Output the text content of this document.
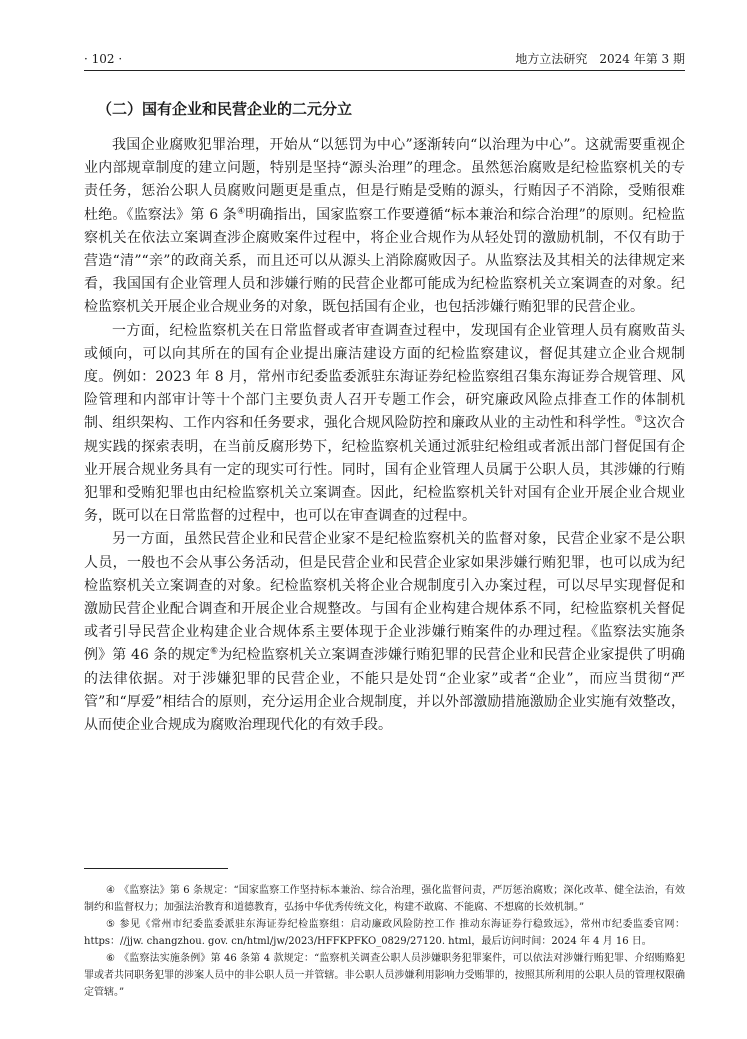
· 102 ·	地方立法研究　2024 年第 3 期
（二）国有企业和民营企业的二元分立

我国企业腐败犯罪治理，开始从“以惩罚为中心”逐渐转向“以治理为中心”。这就需要重视企业内部规章制度的建立问题，特别是坚持“源头治理”的理念。虽然惩治腐败是纪检监察机关的专责任务，惩治公职人员腐败问题更是重点，但是行贿是受贿的源头，行贿因子不消除，受贿很难杜绝。《监察法》第 6 条④明确指出，国家监察工作要遵循“标本兼治和综合治理”的原则。纪检监察机关在依法立案调查涉企腐败案件过程中，将企业合规作为从轻处罚的激励机制，不仅有助于营造“清”“亲”的政商关系，而且还可以从源头上消除腐败因子。从监察法及其相关的法律规定来看，我国国有企业管理人员和涉嫌行贿的民营企业都可能成为纪检监察机关立案调查的对象。纪检监察机关开展企业合规业务的对象，既包括国有企业，也包括涉嫌行贿犯罪的民营企业。

一方面，纪检监察机关在日常监督或者审查调查过程中，发现国有企业管理人员有腐败苗头或倾向，可以向其所在的国有企业提出廉洁建设方面的纪检监察建议，督促其建立企业合规制度。例如：2023 年 8 月，常州市纪委监委派驻东海证券纪检监察组召集东海证券合规管理、风险管理和内部审计等十个部门主要负责人召开专题工作会，研究廉政风险点排查工作的体制机制、组织架构、工作内容和任务要求，强化合规风险防控和廉政从业的主动性和科学性。⑤这次合规实践的探索表明，在当前反腐形势下，纪检监察机关通过派驻纪检组或者派出部门督促国有企业开展合规业务具有一定的现实可行性。同时，国有企业管理人员属于公职人员，其涉嫌的行贿犯罪和受贿犯罪也由纪检监察机关立案调查。因此，纪检监察机关针对国有企业开展企业合规业务，既可以在日常监督的过程中，也可以在审查调查的过程中。

另一方面，虽然民营企业和民营企业家不是纪检监察机关的监督对象，民营企业家不是公职人员，一般也不会从事公务活动，但是民营企业和民营企业家如果涉嫌行贿犯罪，也可以成为纪检监察机关立案调查的对象。纪检监察机关将企业合规制度引入办案过程，可以尽早实现督促和激励民营企业配合调查和开展企业合规整改。与国有企业构建合规体系不同，纪检监察机关督促或者引导民营企业构建企业合规体系主要体现于企业涉嫌行贿案件的办理过程。《监察法实施条例》第 46 条的规定⑥为纪检监察机关立案调查涉嫌行贿犯罪的民营企业和民营企业家提供了明确的法律依据。对于涉嫌犯罪的民营企业，不能只是处罚“企业家”或者“企业”，而应当贯彻“严管”和“厚爱”相结合的原则，充分运用企业合规制度，并以外部激励措施激励企业实施有效整改，从而使企业合规成为腐败治理现代化的有效手段。

④ 《监察法》第 6 条规定：“国家监察工作坚持标本兼治、综合治理，强化监督问责，严厉惩治腐败；深化改革、健全法治，有效制约和监督权力；加强法治教育和道德教育，弘扬中华优秀传统文化，构建不敢腐、不能腐、不想腐的长效机制。”

⑤ 参见《常州市纪委监委派驻东海证券纪检监察组：启动廉政风险防控工作 推动东海证券行稳致远》，常州市纪委监委官网：https：//jjw. changzhou. gov. cn/html/jw/2023/HFFKPFKO_0829/27120. html，最后访问时间：2024 年 4 月 16 日。

⑥ 《监察法实施条例》第 46 条第 4 款规定：“监察机关调查公职人员涉嫌职务犯罪案件，可以依法对涉嫌行贿犯罪、介绍贿赂犯罪或者共同职务犯罪的涉案人员中的非公职人员一并管辖。非公职人员涉嫌利用影响力受贿罪的，按照其所利用的公职人员的管理权限确定管辖。”
